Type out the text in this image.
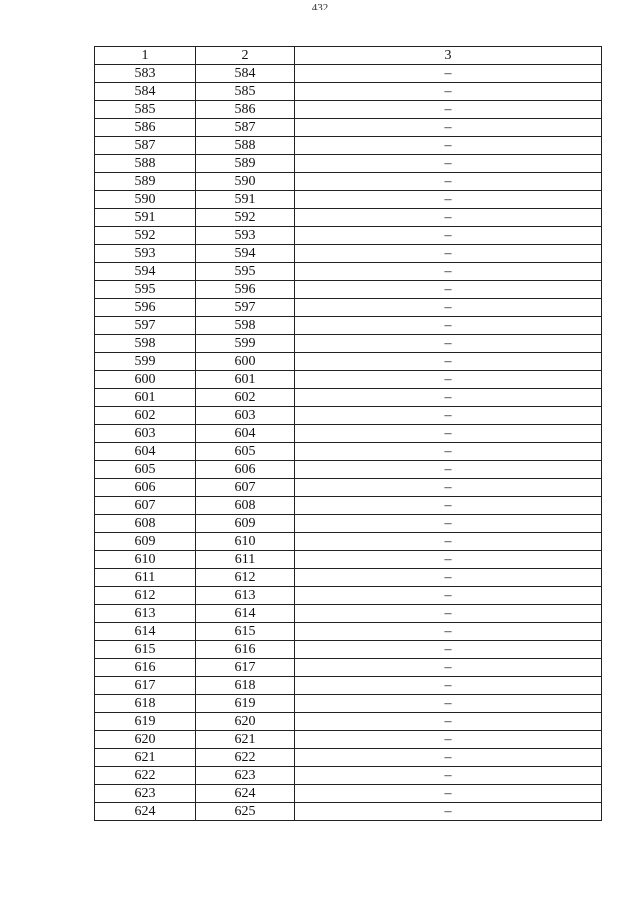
432
1	2	3
583	584	–
584	585	–
585	586	–
586	587	–
587	588	–
588	589	–
589	590	–
590	591	–
591	592	–
592	593	–
593	594	–
594	595	–
595	596	–
596	597	–
597	598	–
598	599	–
599	600	–
600	601	–
601	602	–
602	603	–
603	604	–
604	605	–
605	606	–
606	607	–
607	608	–
608	609	–
609	610	–
610	611	–
611	612	–
612	613	–
613	614	–
614	615	–
615	616	–
616	617	–
617	618	–
618	619	–
619	620	–
620	621	–
621	622	–
622	623	–
623	624	–
624	625	–
